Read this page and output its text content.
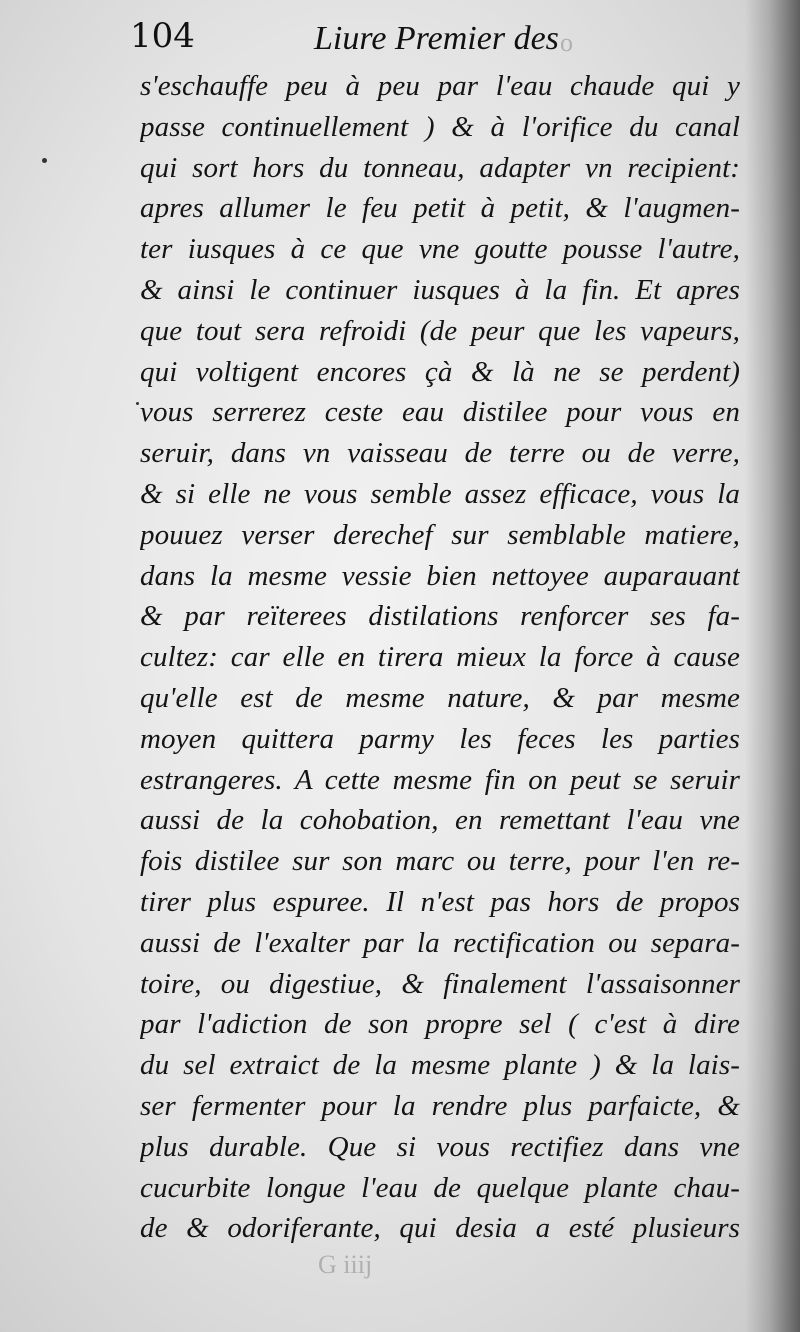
o
G iiij
104	Liure Premier des
s'eschauffe peu à peu par l'eau chaude qui y
passe continuellement ) & à l'orifice du canal
qui sort hors du tonneau, adapter vn recipient:
apres allumer le feu petit à petit, & l'augmen-
ter iusques à ce que vne goutte pousse l'autre,
& ainsi le continuer iusques à la fin. Et apres
que tout sera refroidi (de peur que les vapeurs,
qui voltigent encores çà & là ne se perdent)
vous serrerez ceste eau distilee pour vous en
seruir, dans vn vaisseau de terre ou de verre,
& si elle ne vous semble assez efficace, vous la
pouuez verser derechef sur semblable matiere,
dans la mesme vessie bien nettoyee auparauant
& par reïterees distilations renforcer ses fa-
cultez: car elle en tirera mieux la force à cause
qu'elle est de mesme nature, & par mesme
moyen quittera parmy les feces les parties
estrangeres. A cette mesme fin on peut se seruir
aussi de la cohobation, en remettant l'eau vne
fois distilee sur son marc ou terre, pour l'en re-
tirer plus espuree. Il n'est pas hors de propos
aussi de l'exalter par la rectification ou separa-
toire, ou digestiue, & finalement l'assaisonner
par l'adiction de son propre sel ( c'est à dire
du sel extraict de la mesme plante ) & la lais-
ser fermenter pour la rendre plus parfaicte, &
plus durable. Que si vous rectifiez dans vne
cucurbite longue l'eau de quelque plante chau-
de & odoriferante, qui desia a esté plusieurs
